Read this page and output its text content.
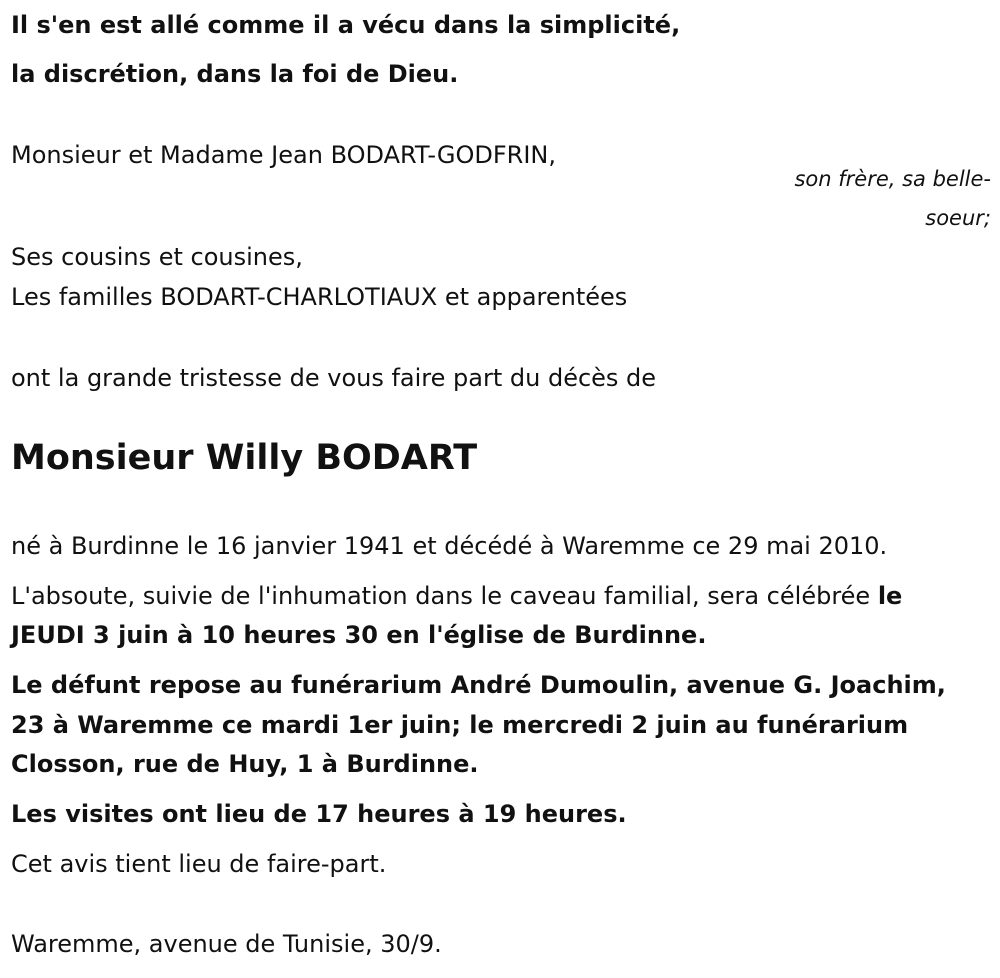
Il s'en est allé comme il a vécu dans la simplicité,
la discrétion, dans la foi de Dieu.
Monsieur et Madame Jean BODART-GODFRIN,
son frère, sa belle-
soeur;
Ses cousins et cousines,
Les familles BODART-CHARLOTIAUX et apparentées
ont la grande tristesse de vous faire part du décès de
Monsieur Willy BODART
né à Burdinne le 16 janvier 1941 et décédé à Waremme ce 29 mai 2010.
L'absoute, suivie de l'inhumation dans le caveau familial, sera célébrée le
JEUDI 3 juin à 10 heures 30 en l'église de Burdinne.
Le défunt repose au funérarium André Dumoulin, avenue G. Joachim,
23 à Waremme ce mardi 1er juin; le mercredi 2 juin au funérarium
Closson, rue de Huy, 1 à Burdinne.
Les visites ont lieu de 17 heures à 19 heures.
Cet avis tient lieu de faire-part.
Waremme, avenue de Tunisie, 30/9.
